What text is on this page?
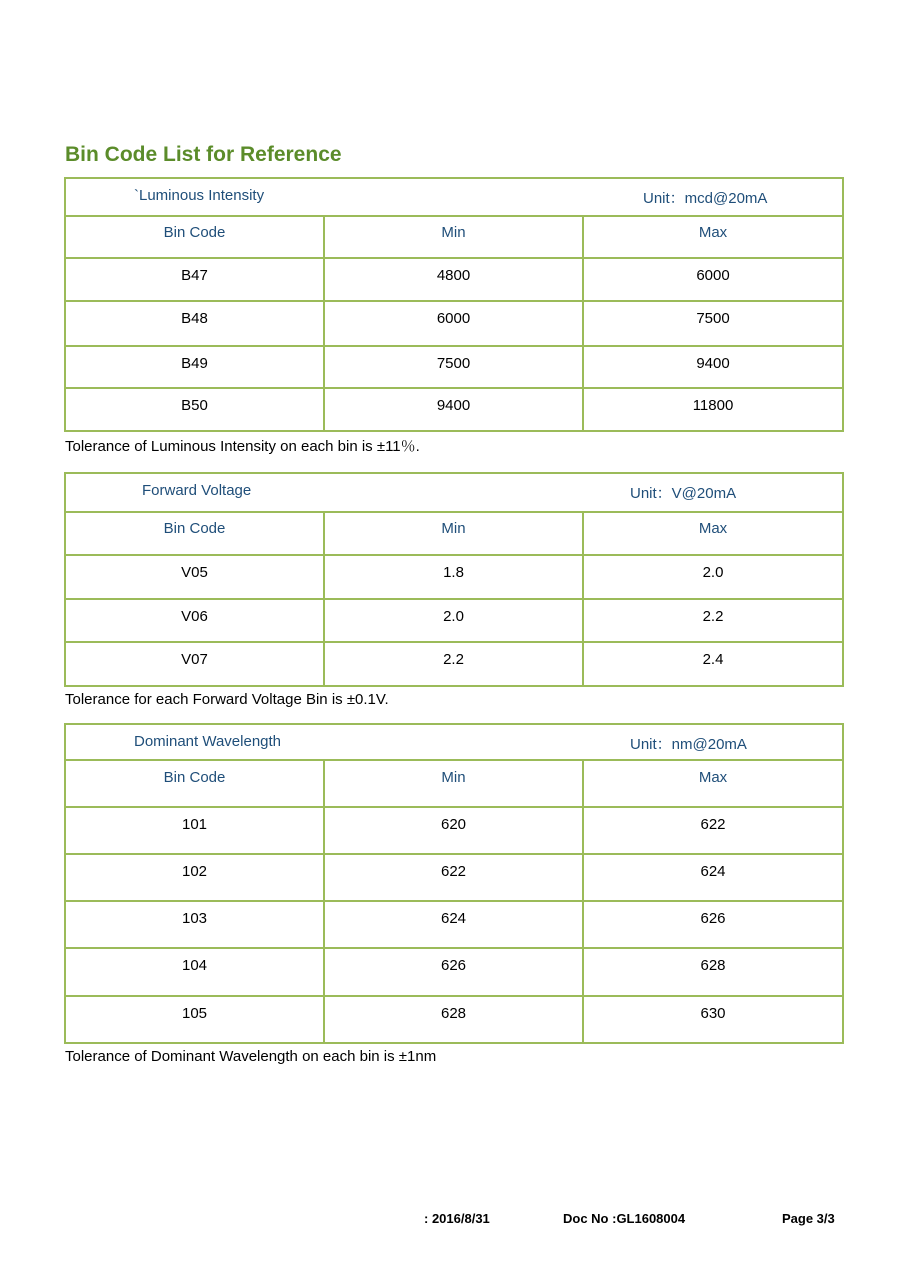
Bin Code List for Reference
`Luminous Intensity Unit：mcd@20mA		

Bin Code	Min	Max
B47	4800	6000
B48	6000	7500
B49	7500	9400
B50	9400	11800
Tolerance of Luminous Intensity on each bin is ±11％.
Forward Voltage Unit：V@20mA		

Bin Code	Min	Max
V05	1.8	2.0
V06	2.0	2.2
V07	2.2	2.4
Tolerance for each Forward Voltage Bin is ±0.1V.
Dominant Wavelength Unit：nm@20mA		

Bin Code	Min	Max
101	620	622
102	622	624
103	624	626
104	626	628
105	628	630
Tolerance of Dominant Wavelength on each bin is ±1nm
: 2016/8/31	Doc No :GL1608004	Page 3/3
